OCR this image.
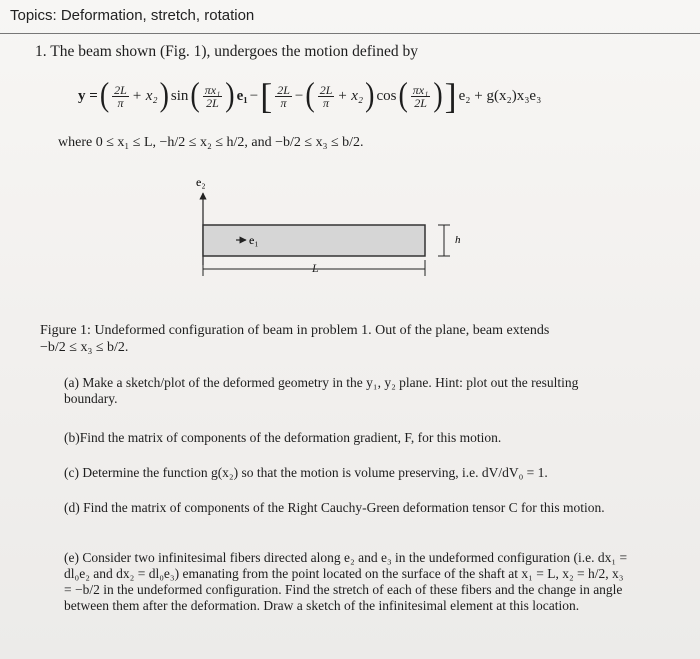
Topics: Deformation, stretch, rotation
1. The beam shown (Fig. 1), undergoes the motion defined by
y = ( $\frac{2L}{\pi} + x_2$ ) sin ( $\frac{\text{πx₁}}{2L}$ ) e₁ − [ $\frac{2L}{\pi}$ − ( $\frac{2L}{\pi} + x_2$ ) cos ( $\frac{\text{πx₁}}{2L}$ ) ] e₂ + g(x₂)x₃e₃
where 0 ≤ x₁ ≤ L, −h/2 ≤ x₂ ≤ h/2, and −b/2 ≤ x₃ ≤ b/2.
e₂
e₁	h
L
Figure 1: Undeformed configuration of beam in problem 1. Out of the plane, beam extends
−b/2 ≤ x₃ ≤ b/2.
(a) Make a sketch/plot of the deformed geometry in the y₁, y₂ plane. Hint: plot out the resulting boundary.
(b)Find the matrix of components of the deformation gradient, F, for this motion.
(c) Determine the function g(x₂) so that the motion is volume preserving, i.e. dV/dV₀ = 1.
(d) Find the matrix of components of the Right Cauchy-Green deformation tensor C for this motion.
(e) Consider two infinitesimal fibers directed along e₂ and e₃ in the undeformed configuration (i.e. dx₁ = dl₀e₂ and dx₂ = dl₀e₃) emanating from the point located on the surface of the shaft at x₁ = L, x₂ = h/2, x₃ = −b/2 in the undeformed configuration. Find the stretch of each of these fibers and the change in angle between them after the deformation. Draw a sketch of the infinitesimal element at this location.
